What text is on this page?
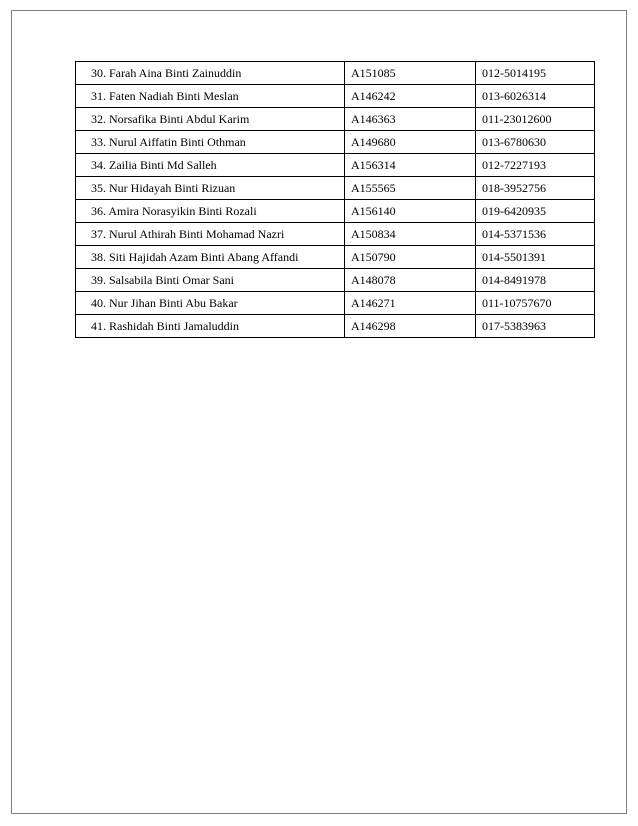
30. Farah Aina Binti Zainuddin	A151085	012-5014195
31. Faten Nadiah Binti Meslan	A146242	013-6026314
32. Norsafika Binti Abdul Karim	A146363	011-23012600
33. Nurul Aiffatin Binti Othman	A149680	013-6780630
34. Zailia Binti Md Salleh	A156314	012-7227193
35. Nur Hidayah Binti Rizuan	A155565	018-3952756
36. Amira Norasyikin Binti Rozali	A156140	019-6420935
37. Nurul Athirah Binti Mohamad Nazri	A150834	014-5371536
38. Siti Hajidah Azam Binti Abang Affandi	A150790	014-5501391
39. Salsabila Binti Omar Sani	A148078	014-8491978
40. Nur Jihan Binti Abu Bakar	A146271	011-10757670
41. Rashidah Binti Jamaluddin	A146298	017-5383963
